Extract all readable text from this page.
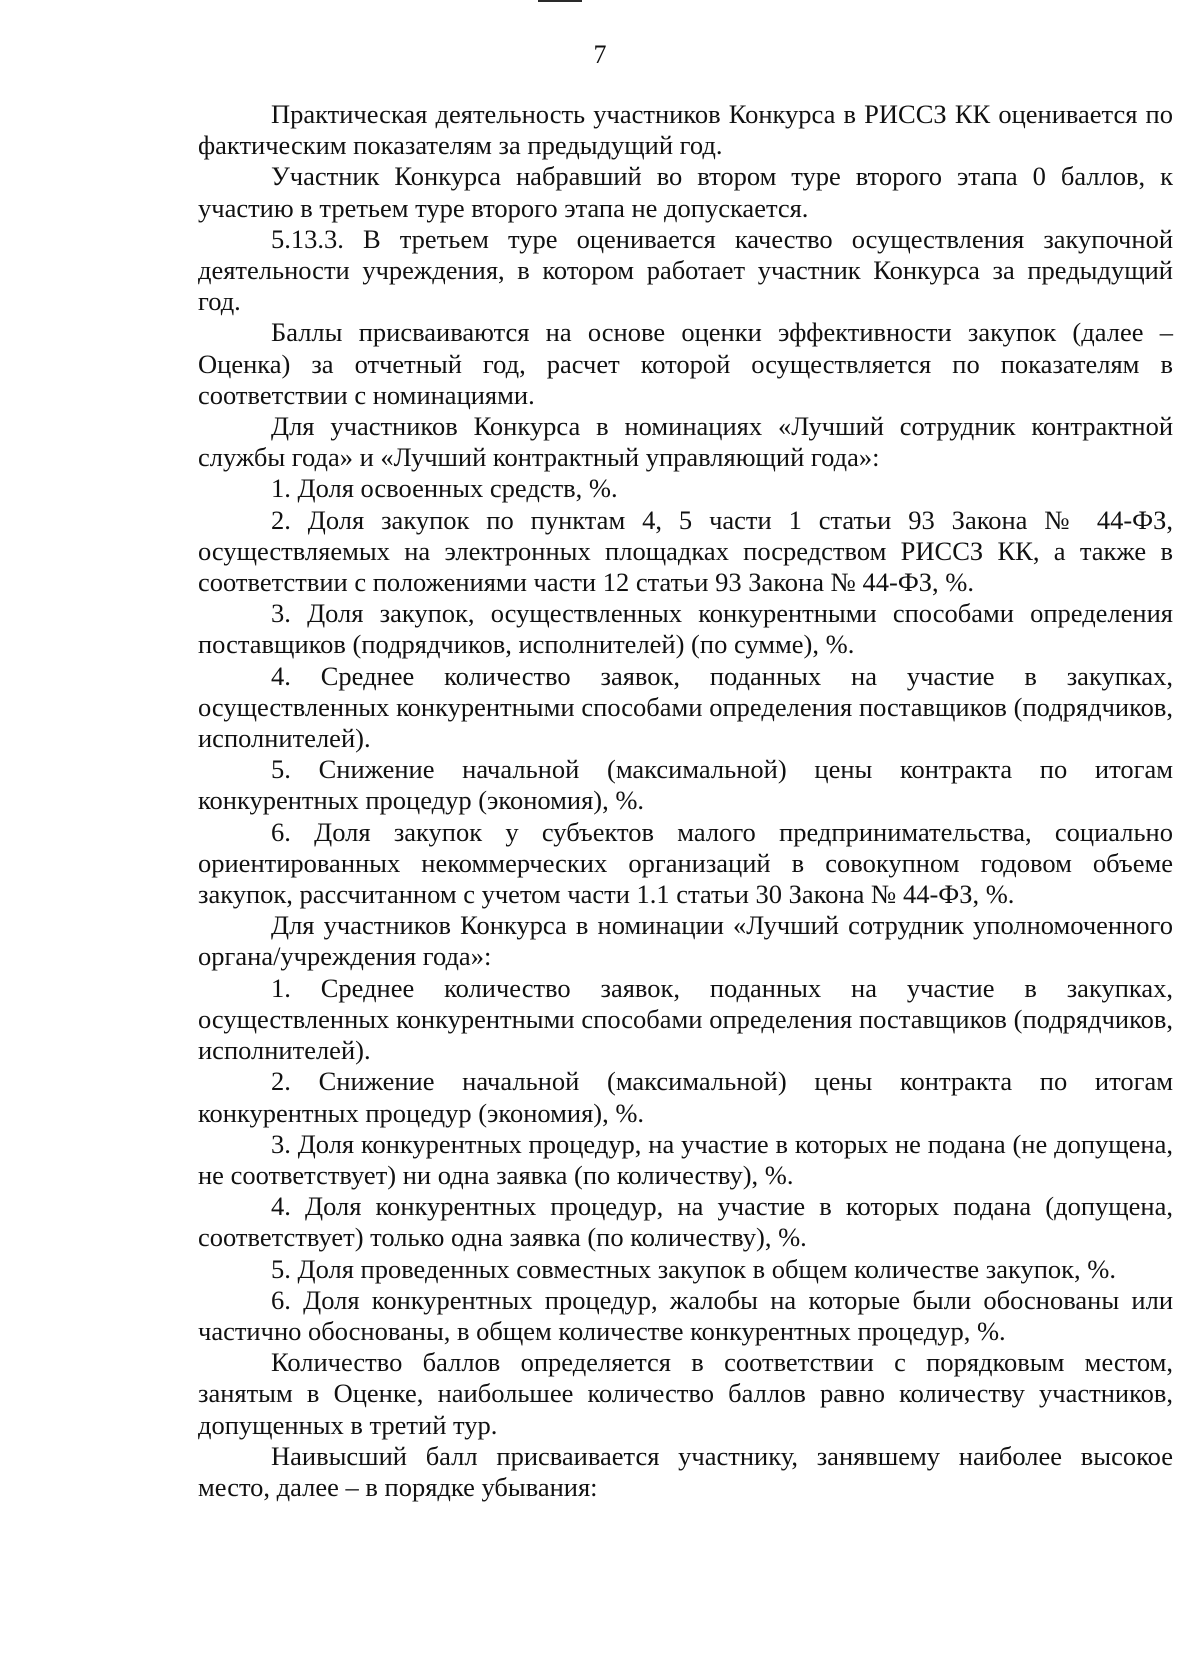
7

Практическая деятельность участников Конкурса в РИССЗ КК оценивается по фактическим показателям за предыдущий год.

Участник Конкурса набравший во втором туре второго этапа 0 баллов, к участию в третьем туре второго этапа не допускается.

5.13.3. В третьем туре оценивается качество осуществления закупочной деятельности учреждения, в котором работает участник Конкурса за предыдущий год.

Баллы присваиваются на основе оценки эффективности закупок (далее – Оценка) за отчетный год, расчет которой осуществляется по показателям в соответствии с номинациями.

Для участников Конкурса в номинациях «Лучший сотрудник контрактной службы года» и «Лучший контрактный управляющий года»:

1. Доля освоенных средств, %.

2. Доля закупок по пунктам 4, 5 части 1 статьи 93 Закона № 44-ФЗ, осуществляемых на электронных площадках посредством РИССЗ КК, а также в соответствии с положениями части 12 статьи 93 Закона № 44-ФЗ, %.

3. Доля закупок, осуществленных конкурентными способами определения поставщиков (подрядчиков, исполнителей) (по сумме), %.

4. Среднее количество заявок, поданных на участие в закупках, осуществленных конкурентными способами определения поставщиков (подрядчиков, исполнителей).

5. Снижение начальной (максимальной) цены контракта по итогам конкурентных процедур (экономия), %.

6. Доля закупок у субъектов малого предпринимательства, социально ориентированных некоммерческих организаций в совокупном годовом объеме закупок, рассчитанном с учетом части 1.1 статьи 30 Закона № 44-ФЗ, %.

Для участников Конкурса в номинации «Лучший сотрудник уполномоченного органа/учреждения года»:

1. Среднее количество заявок, поданных на участие в закупках, осуществленных конкурентными способами определения поставщиков (подрядчиков, исполнителей).

2. Снижение начальной (максимальной) цены контракта по итогам конкурентных процедур (экономия), %.

3. Доля конкурентных процедур, на участие в которых не подана (не допущена, не соответствует) ни одна заявка (по количеству), %.

4. Доля конкурентных процедур, на участие в которых подана (допущена, соответствует) только одна заявка (по количеству), %.

5. Доля проведенных совместных закупок в общем количестве закупок, %.

6. Доля конкурентных процедур, жалобы на которые были обоснованы или частично обоснованы, в общем количестве конкурентных процедур, %.

Количество баллов определяется в соответствии с порядковым местом, занятым в Оценке, наибольшее количество баллов равно количеству участников, допущенных в третий тур.

Наивысший балл присваивается участнику, занявшему наиболее высокое место, далее – в порядке убывания:
